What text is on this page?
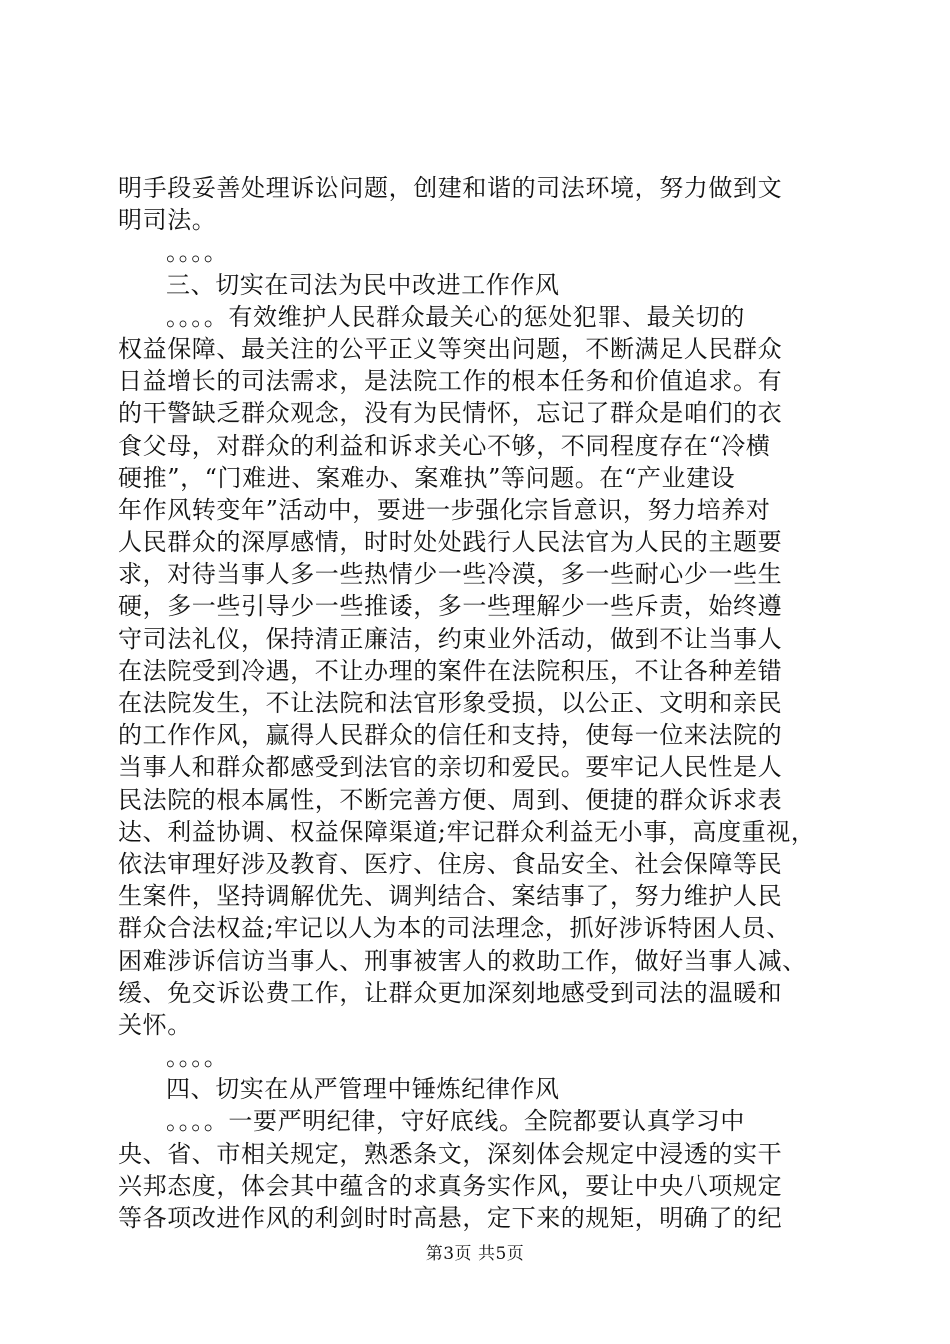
明手段妥善处理诉讼问题，创建和谐的司法环境，努力做到文
明司法。
。。。。
三、切实在司法为民中改进工作作风
。。。。有效维护人民群众最关心的惩处犯罪、最关切的
权益保障、最关注的公平正义等突出问题，不断满足人民群众
日益增长的司法需求，是法院工作的根本任务和价值追求。有
的干警缺乏群众观念，没有为民情怀，忘记了群众是咱们的衣
食父母，对群众的利益和诉求关心不够，不同程度存在“冷横
硬推”，“门难进、案难办、案难执”等问题。在“产业建设
年作风转变年”活动中，要进一步强化宗旨意识，努力培养对
人民群众的深厚感情，时时处处践行人民法官为人民的主题要
求，对待当事人多一些热情少一些冷漠，多一些耐心少一些生
硬，多一些引导少一些推诿，多一些理解少一些斥责，始终遵
守司法礼仪，保持清正廉洁，约束业外活动，做到不让当事人
在法院受到冷遇，不让办理的案件在法院积压，不让各种差错
在法院发生，不让法院和法官形象受损，以公正、文明和亲民
的工作作风，赢得人民群众的信任和支持，使每一位来法院的
当事人和群众都感受到法官的亲切和爱民。要牢记人民性是人
民法院的根本属性，不断完善方便、周到、便捷的群众诉求表
达、利益协调、权益保障渠道;牢记群众利益无小事，高度重视，
依法审理好涉及教育、医疗、住房、食品安全、社会保障等民
生案件，坚持调解优先、调判结合、案结事了，努力维护人民
群众合法权益;牢记以人为本的司法理念，抓好涉诉特困人员、
困难涉诉信访当事人、刑事被害人的救助工作，做好当事人减、
缓、免交诉讼费工作，让群众更加深刻地感受到司法的温暖和
关怀。
。。。。
四、切实在从严管理中锤炼纪律作风
。。。。一要严明纪律，守好底线。全院都要认真学习中
央、省、市相关规定，熟悉条文，深刻体会规定中浸透的实干
兴邦态度，体会其中蕴含的求真务实作风，要让中央八项规定
等各项改进作风的利剑时时高悬，定下来的规矩，明确了的纪
第3页 共5页
